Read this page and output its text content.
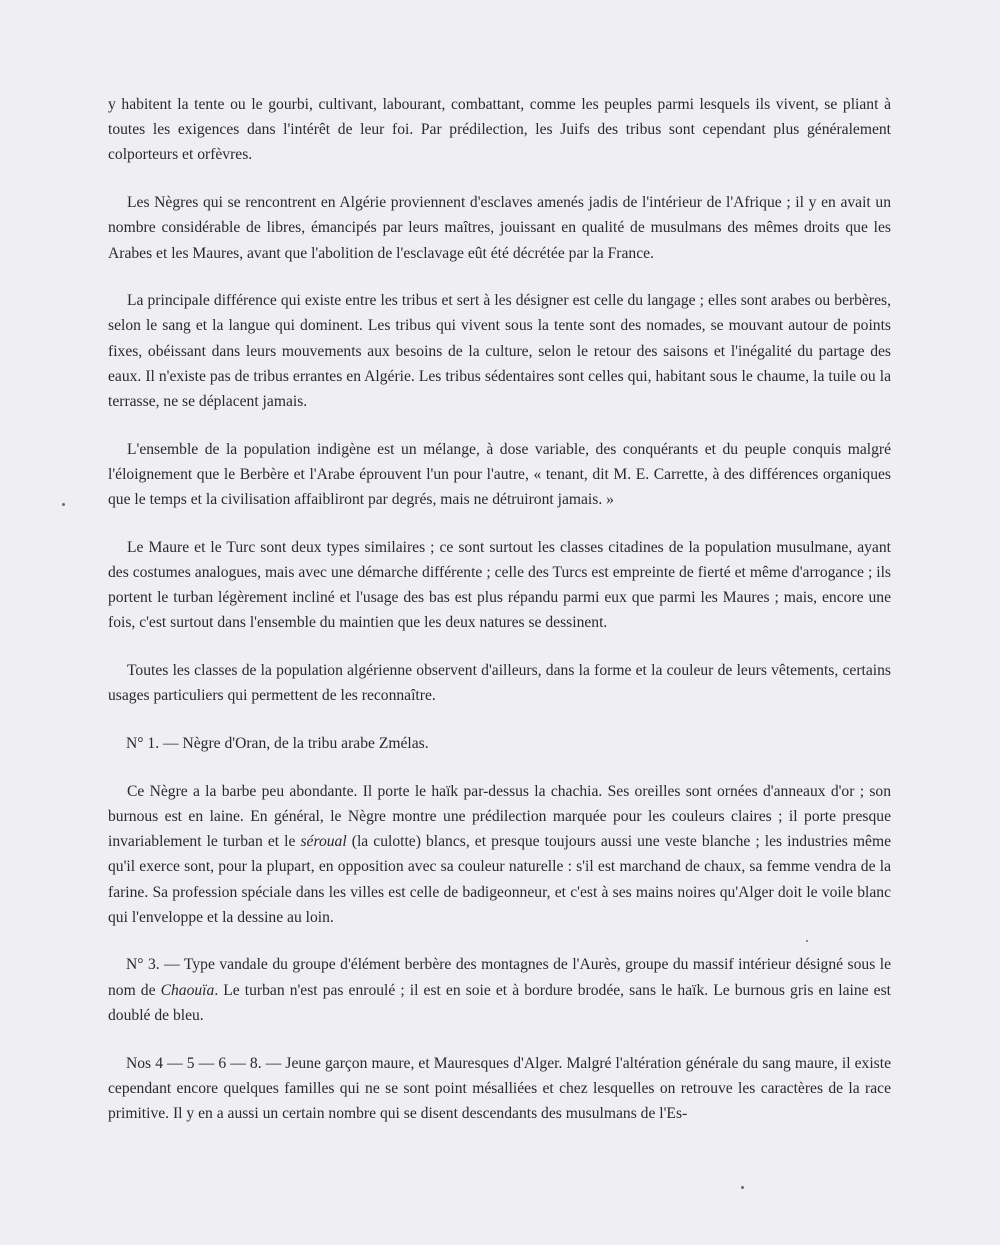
y habitent la tente ou le gourbi, cultivant, labourant, combattant, comme les peuples parmi lesquels ils vivent, se pliant à toutes les exigences dans l'intérêt de leur foi. Par prédilection, les Juifs des tribus sont cependant plus généralement colporteurs et orfèvres.

Les Nègres qui se rencontrent en Algérie proviennent d'esclaves amenés jadis de l'intérieur de l'Afrique ; il y en avait un nombre considérable de libres, émancipés par leurs maîtres, jouissant en qualité de musulmans des mêmes droits que les Arabes et les Maures, avant que l'abolition de l'esclavage eût été décrétée par la France.

La principale différence qui existe entre les tribus et sert à les désigner est celle du langage ; elles sont arabes ou berbères, selon le sang et la langue qui dominent. Les tribus qui vivent sous la tente sont des nomades, se mouvant autour de points fixes, obéissant dans leurs mouvements aux besoins de la culture, selon le retour des saisons et l'inégalité du partage des eaux. Il n'existe pas de tribus errantes en Algérie. Les tribus sédentaires sont celles qui, habitant sous le chaume, la tuile ou la terrasse, ne se déplacent jamais.

L'ensemble de la population indigène est un mélange, à dose variable, des conquérants et du peuple conquis malgré l'éloignement que le Berbère et l'Arabe éprouvent l'un pour l'autre, « tenant, dit M. E. Carrette, à des différences organiques que le temps et la civilisation affaibliront par degrés, mais ne détruiront jamais. »

Le Maure et le Turc sont deux types similaires ; ce sont surtout les classes citadines de la population musulmane, ayant des costumes analogues, mais avec une démarche différente ; celle des Turcs est empreinte de fierté et même d'arrogance ; ils portent le turban légèrement incliné et l'usage des bas est plus répandu parmi eux que parmi les Maures ; mais, encore une fois, c'est surtout dans l'ensemble du maintien que les deux natures se dessinent.

Toutes les classes de la population algérienne observent d'ailleurs, dans la forme et la couleur de leurs vêtements, certains usages particuliers qui permettent de les reconnaître.

N° 1. — Nègre d'Oran, de la tribu arabe Zmélas.

Ce Nègre a la barbe peu abondante. Il porte le haïk par-dessus la chachia. Ses oreilles sont ornées d'anneaux d'or ; son burnous est en laine. En général, le Nègre montre une prédilection marquée pour les couleurs claires ; il porte presque invariablement le turban et le séroual (la culotte) blancs, et presque toujours aussi une veste blanche ; les industries même qu'il exerce sont, pour la plupart, en opposition avec sa couleur naturelle : s'il est marchand de chaux, sa femme vendra de la farine. Sa profession spéciale dans les villes est celle de badigeonneur, et c'est à ses mains noires qu'Alger doit le voile blanc qui l'enveloppe et la dessine au loin.

N° 3. — Type vandale du groupe d'élément berbère des montagnes de l'Aurès, groupe du massif intérieur désigné sous le nom de Chaouïa. Le turban n'est pas enroulé ; il est en soie et à bordure brodée, sans le haïk. Le burnous gris en laine est doublé de bleu.

Nos 4 — 5 — 6 — 8. — Jeune garçon maure, et Mauresques d'Alger. Malgré l'altération générale du sang maure, il existe cependant encore quelques familles qui ne se sont point mésalliées et chez lesquelles on retrouve les caractères de la race primitive. Il y en a aussi un certain nombre qui se disent descendants des musulmans de l'Es-
